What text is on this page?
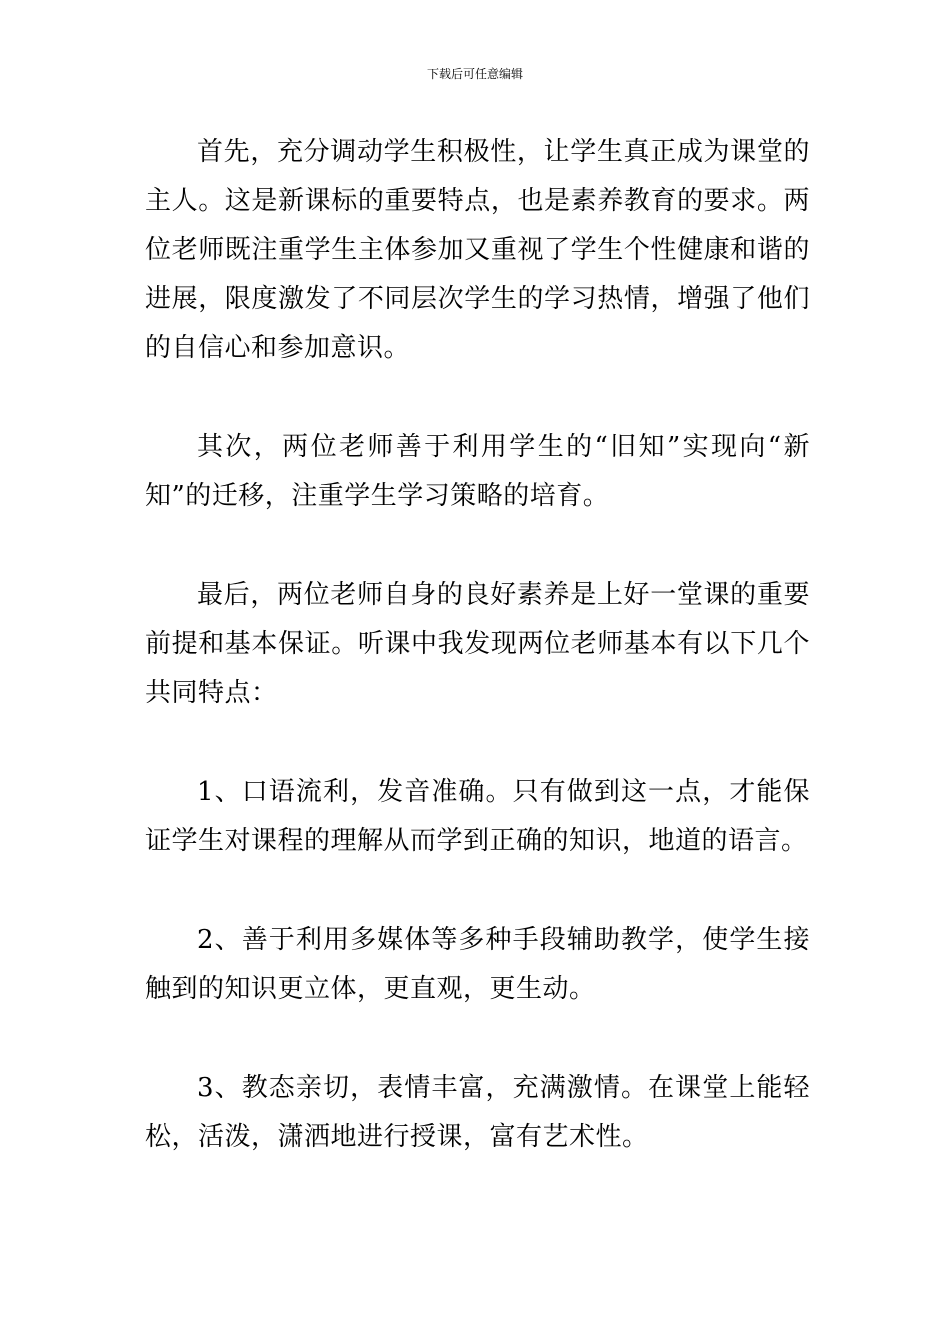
下载后可任意编辑

首先，充分调动学生积极性，让学生真正成为课堂的主人。这是新课标的重要特点，也是素养教育的要求。两位老师既注重学生主体参加又重视了学生个性健康和谐的进展，限度激发了不同层次学生的学习热情，增强了他们的自信心和参加意识。

其次，两位老师善于利用学生的“旧知”实现向“新知”的迁移，注重学生学习策略的培育。

最后，两位老师自身的良好素养是上好一堂课的重要前提和基本保证。听课中我发现两位老师基本有以下几个共同特点：

1、口语流利，发音准确。只有做到这一点，才能保证学生对课程的理解从而学到正确的知识，地道的语言。

2、善于利用多媒体等多种手段辅助教学，使学生接触到的知识更立体，更直观，更生动。

3、教态亲切，表情丰富，充满激情。在课堂上能轻松，活泼，潇洒地进行授课，富有艺术性。
